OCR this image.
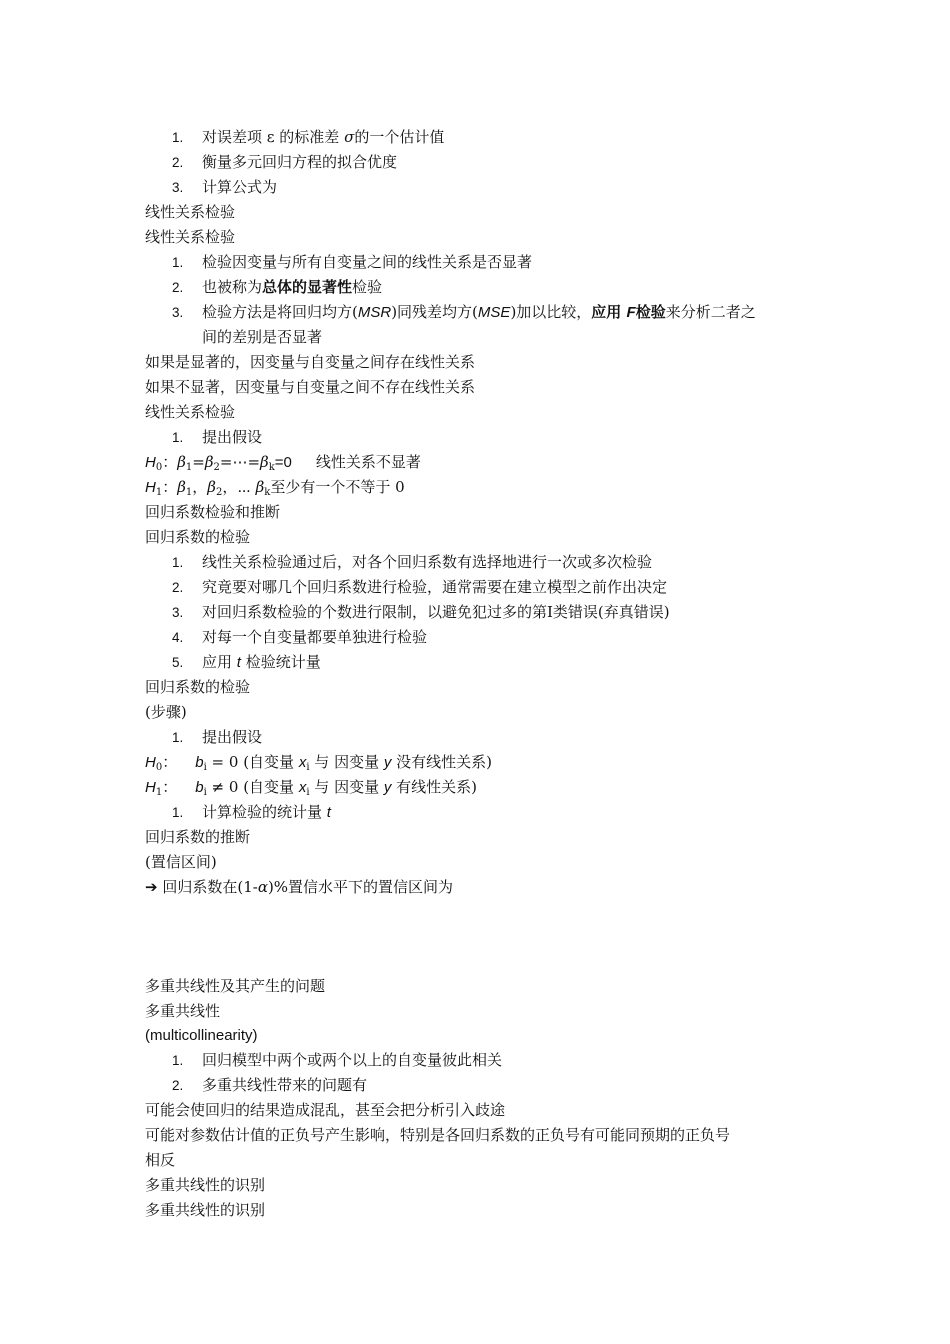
1. 对误差项 ε 的标准差 σ的一个估计值
2. 衡量多元回归方程的拟合优度
3. 计算公式为
线性关系检验
线性关系检验
1. 检验因变量与所有自变量之间的线性关系是否显著
2. 也被称为总体的显著性检验
3. 检验方法是将回归均方(MSR)同残差均方(MSE)加以比较，应用 F检验来分析二者之
间的差别是否显著
如果是显著的，因变量与自变量之间存在线性关系
如果不显著，因变量与自变量之间不存在线性关系
线性关系检验
1. 提出假设
$H_0$：$\beta_1=\beta_2=\cdots=\beta_k=0$ 线性关系不显著
$H_1$：$\beta_1$，$\beta_2$，⋯ $\beta_k$至少有一个不等于 0
回归系数检验和推断
回归系数的检验
1. 线性关系检验通过后，对各个回归系数有选择地进行一次或多次检验
2. 究竟要对哪几个回归系数进行检验，通常需要在建立模型之前作出决定
3. 对回归系数检验的个数进行限制，以避免犯过多的第Ⅰ类错误(弃真错误)
4. 对每一个自变量都要单独进行检验
5. 应用 t 检验统计量
回归系数的检验
(步骤)
1. 提出假设
$H_0$： $b_i = 0$ (自变量 $x_i$ 与 因变量 y 没有线性关系)
$H_1$： $b_i \ne 0$ (自变量 $x_i$ 与 因变量 y 有线性关系)
1. 计算检验的统计量 t
回归系数的推断
(置信区间)
➔ 回归系数在(1-α)%置信水平下的置信区间为
多重共线性及其产生的问题
多重共线性
(multicollinearity)
1. 回归模型中两个或两个以上的自变量彼此相关
2. 多重共线性带来的问题有
可能会使回归的结果造成混乱，甚至会把分析引入歧途
可能对参数估计值的正负号产生影响，特别是各回归系数的正负号有可能同预期的正负号
相反
多重共线性的识别
多重共线性的识别
